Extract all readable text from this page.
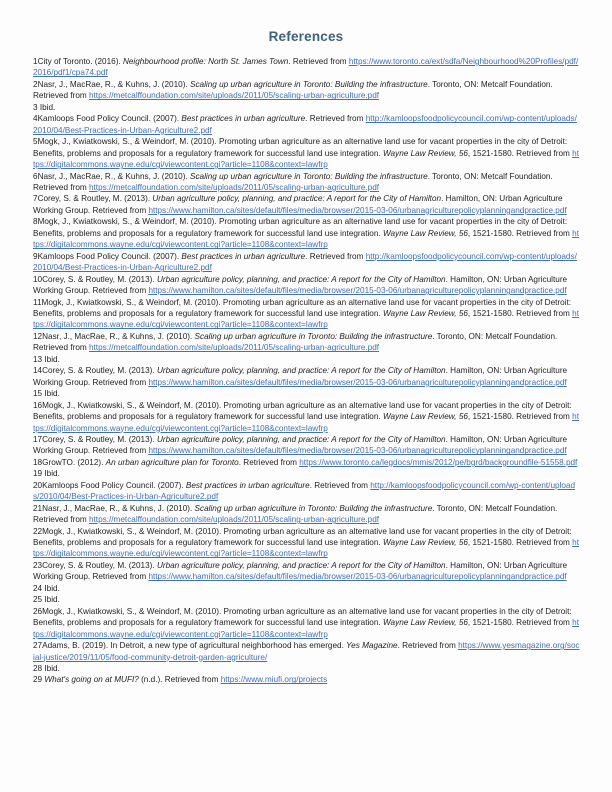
References

1City of Toronto. (2016). Neighbourhood profile: North St. James Town. Retrieved from https://www.toronto.ca/ext/sdfa/Neighbourhood%20Profiles/pdf/2016/pdf1/cpa74.pdf

2Nasr, J., MacRae, R., & Kuhns, J. (2010). Scaling up urban agriculture in Toronto: Building the infrastructure. Toronto, ON: Metcalf Foundation. Retrieved from https://metcalffoundation.com/site/uploads/2011/05/scaling-urban-agriculture.pdf

3 Ibid.

4Kamloops Food Policy Council. (2007). Best practices in urban agriculture. Retrieved from http://kamloopsfoodpolicycouncil.com/wp-content/uploads/2010/04/Best-Practices-in-Urban-Agriculture2.pdf

5Mogk, J., Kwiatkowski, S., & Weindorf, M. (2010). Promoting urban agriculture as an alternative land use for vacant properties in the city of Detroit: Benefits, problems and proposals for a regulatory framework for successful land use integration. Wayne Law Review, 56, 1521-1580. Retrieved from https://digitalcommons.wayne.edu/cgi/viewcontent.cgi?article=1108&context=lawfrp

6Nasr, J., MacRae, R., & Kuhns, J. (2010). Scaling up urban agriculture in Toronto: Building the infrastructure. Toronto, ON: Metcalf Foundation. Retrieved from https://metcalffoundation.com/site/uploads/2011/05/scaling-urban-agriculture.pdf

7Corey, S. & Routley, M. (2013). Urban agriculture policy, planning, and practice: A report for the City of Hamilton. Hamilton, ON: Urban Agriculture Working Group. Retrieved from https://www.hamilton.ca/sites/default/files/media/browser/2015-03-06/urbanagriculturepolicyplanningandpractice.pdf

8Mogk, J., Kwiatkowski, S., & Weindorf, M. (2010). Promoting urban agriculture as an alternative land use for vacant properties in the city of Detroit: Benefits, problems and proposals for a regulatory framework for successful land use integration. Wayne Law Review, 56, 1521-1580. Retrieved from https://digitalcommons.wayne.edu/cgi/viewcontent.cgi?article=1108&context=lawfrp

9Kamloops Food Policy Council. (2007). Best practices in urban agriculture. Retrieved from http://kamloopsfoodpolicycouncil.com/wp-content/uploads/2010/04/Best-Practices-in-Urban-Agriculture2.pdf

10Corey, S. & Routley, M. (2013). Urban agriculture policy, planning, and practice: A report for the City of Hamilton. Hamilton, ON: Urban Agriculture Working Group. Retrieved from https://www.hamilton.ca/sites/default/files/media/browser/2015-03-06/urbanagriculturepolicyplanningandpractice.pdf

11Mogk, J., Kwiatkowski, S., & Weindorf, M. (2010). Promoting urban agriculture as an alternative land use for vacant properties in the city of Detroit: Benefits, problems and proposals for a regulatory framework for successful land use integration. Wayne Law Review, 56, 1521-1580. Retrieved from https://digitalcommons.wayne.edu/cgi/viewcontent.cgi?article=1108&context=lawfrp

12Nasr, J., MacRae, R., & Kuhns, J. (2010). Scaling up urban agriculture in Toronto: Building the infrastructure. Toronto, ON: Metcalf Foundation. Retrieved from https://metcalffoundation.com/site/uploads/2011/05/scaling-urban-agriculture.pdf

13 Ibid.

14Corey, S. & Routley, M. (2013). Urban agriculture policy, planning, and practice: A report for the City of Hamilton. Hamilton, ON: Urban Agriculture Working Group. Retrieved from https://www.hamilton.ca/sites/default/files/media/browser/2015-03-06/urbanagriculturepolicyplanningandpractice.pdf

15 Ibid.

16Mogk, J., Kwiatkowski, S., & Weindorf, M. (2010). Promoting urban agriculture as an alternative land use for vacant properties in the city of Detroit: Benefits, problems and proposals for a regulatory framework for successful land use integration. Wayne Law Review, 56, 1521-1580. Retrieved from https://digitalcommons.wayne.edu/cgi/viewcontent.cgi?article=1108&context=lawfrp

17Corey, S. & Routley, M. (2013). Urban agriculture policy, planning, and practice: A report for the City of Hamilton. Hamilton, ON: Urban Agriculture Working Group. Retrieved from https://www.hamilton.ca/sites/default/files/media/browser/2015-03-06/urbanagriculturepolicyplanningandpractice.pdf

18GrowTO. (2012). An urban agriculture plan for Toronto. Retrieved from https://www.toronto.ca/legdocs/mmis/2012/pe/bgrd/backgroundfile-51558.pdf

19 Ibid.

20Kamloops Food Policy Council. (2007). Best practices in urban agriculture. Retrieved from http://kamloopsfoodpolicycouncil.com/wp-content/uploads/2010/04/Best-Practices-in-Urban-Agriculture2.pdf

21Nasr, J., MacRae, R., & Kuhns, J. (2010). Scaling up urban agriculture in Toronto: Building the infrastructure. Toronto, ON: Metcalf Foundation. Retrieved from https://metcalffoundation.com/site/uploads/2011/05/scaling-urban-agriculture.pdf

22Mogk, J., Kwiatkowski, S., & Weindorf, M. (2010). Promoting urban agriculture as an alternative land use for vacant properties in the city of Detroit: Benefits, problems and proposals for a regulatory framework for successful land use integration. Wayne Law Review, 56, 1521-1580. Retrieved from https://digitalcommons.wayne.edu/cgi/viewcontent.cgi?article=1108&context=lawfrp

23Corey, S. & Routley, M. (2013). Urban agriculture policy, planning, and practice: A report for the City of Hamilton. Hamilton, ON: Urban Agriculture Working Group. Retrieved from https://www.hamilton.ca/sites/default/files/media/browser/2015-03-06/urbanagriculturepolicyplanningandpractice.pdf

24 Ibid.

25 Ibid.

26Mogk, J., Kwiatkowski, S., & Weindorf, M. (2010). Promoting urban agriculture as an alternative land use for vacant properties in the city of Detroit: Benefits, problems and proposals for a regulatory framework for successful land use integration. Wayne Law Review, 56, 1521-1580. Retrieved from https://digitalcommons.wayne.edu/cgi/viewcontent.cgi?article=1108&context=lawfrp

27Adams, B. (2019). In Detroit, a new type of agricultural neighborhood has emerged. Yes Magazine. Retrieved from https://www.yesmagazine.org/social-justice/2019/11/05/food-community-detroit-garden-agriculture/

28 Ibid.

29 What's going on at MUFI? (n.d.). Retrieved from https://www.miufi.org/projects
